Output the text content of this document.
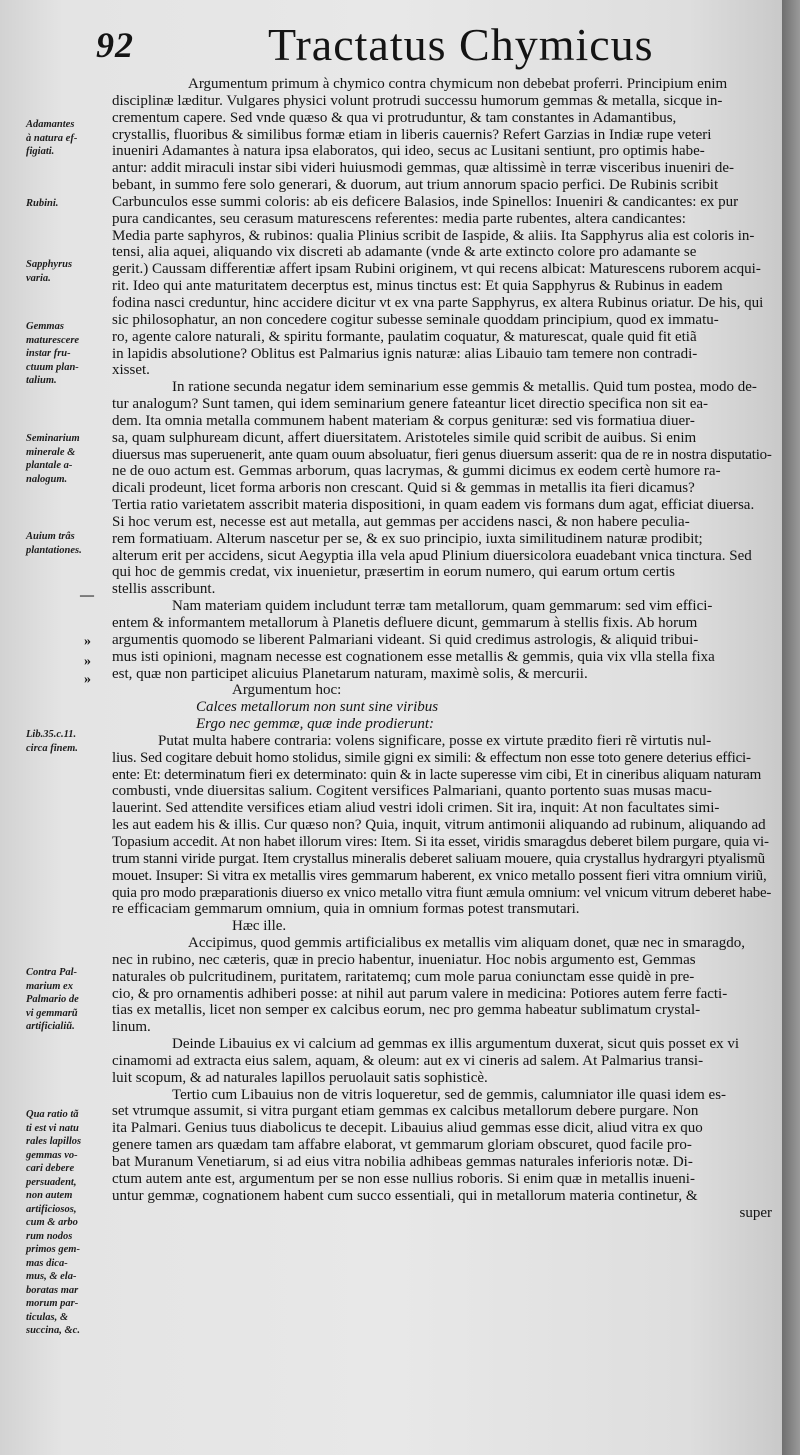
92	Tractatus Chymicus
Adamantes
à natura ef-
figiati.
Rubini.
Sapphyrus
varia.
Gemmas
maturescere
instar fru-
ctuum plan-
talium.
Seminarium
minerale &
plantale a-
nalogum.
Auium trâs
plantationes.
Lib.35.c.11.
circa finem.
Contra Pal-
marium ex
Palmario de
vi gemmarũ
artificialiũ.
Qua ratio tã
ti est vi natu
rales lapillos
gemmas vo-
cari debere
persuadent,
non autem
artificiosos,
cum & arbo
rum nodos
primos gem-
mas dica-
mus, & ela-
boratas mar
morum par-
ticulas, &
succina, &c.
—
»
»
»
Argumentum primum à chymico contra chymicum non debebat proferri. Principium enim
disciplinæ læditur. Vulgares physici volunt protrudi successu humorum gemmas & metalla, sicque in-
crementum capere. Sed vnde quæso & qua vi protruduntur, & tam constantes in Adamantibus,
crystallis, fluoribus & similibus formæ etiam in liberis cauernis? Refert Garzias in Indiæ rupe veteri
inueniri Adamantes à natura ipsa elaboratos, qui ideo, secus ac Lusitani sentiunt, pro optimis habe-
antur: addit miraculi instar sibi videri huiusmodi gemmas, quæ altissimè in terræ visceribus inueniri de-
bebant, in summo fere solo generari, & duorum, aut trium annorum spacio perfici. De Rubinis scribit
Carbunculos esse summi coloris: ab eis deficere Balasios, inde Spinellos: Inueniri & candicantes: ex pur
pura candicantes, seu cerasum maturescens referentes: media parte rubentes, altera candicantes:
Media parte saphyros, & rubinos: qualia Plinius scribit de Iaspide, & aliis. Ita Sapphyrus alia est coloris in-
tensi, alia aquei, aliquando vix discreti ab adamante (vnde & arte extincto colore pro adamante se
gerit.) Caussam differentiæ affert ipsam Rubini originem, vt qui recens albicat: Maturescens ruborem acqui-
rit. Ideo qui ante maturitatem decerptus est, minus tinctus est: Et quia Sapphyrus & Rubinus in eadem
fodina nasci creduntur, hinc accidere dicitur vt ex vna parte Sapphyrus, ex altera Rubinus oriatur. De his, qui
sic philosophatur, an non concedere cogitur subesse seminale quoddam principium, quod ex immatu-
ro, agente calore naturali, & spiritu formante, paulatim coquatur, & maturescat, quale quid fit etiã
in lapidis absolutione? Oblitus est Palmarius ignis naturæ: alias Libauio tam temere non contradi-
xisset.
In ratione secunda negatur idem seminarium esse gemmis & metallis. Quid tum postea, modo de-
tur analogum? Sunt tamen, qui idem seminarium genere fateantur licet directio specifica non sit ea-
dem. Ita omnia metalla communem habent materiam & corpus genituræ: sed vis formatiua diuer-
sa, quam sulphuream dicunt, affert diuersitatem. Aristoteles simile quid scribit de auibus. Si enim
diuersus mas superuenerit, ante quam ouum absoluatur, fieri genus diuersum asserit: qua de re in nostra disputatio-
ne de ouo actum est. Gemmas arborum, quas lacrymas, & gummi dicimus ex eodem certè humore ra-
dicali prodeunt, licet forma arboris non crescant. Quid si & gemmas in metallis ita fieri dicamus?
Tertia ratio varietatem asscribit materia dispositioni, in quam eadem vis formans dum agat, efficiat diuersa.
Si hoc verum est, necesse est aut metalla, aut gemmas per accidens nasci, & non habere peculia-
rem formatiuam. Alterum nascetur per se, & ex suo principio, iuxta similitudinem naturæ prodibit;
alterum erit per accidens, sicut Aegyptia illa vela apud Plinium diuersicolora euadebant vnica tinctura. Sed
qui hoc de gemmis credat, vix inuenietur, præsertim in eorum numero, qui earum ortum certis
stellis asscribunt.
Nam materiam quidem includunt terræ tam metallorum, quam gemmarum: sed vim effici-
entem & informantem metallorum à Planetis defluere dicunt, gemmarum à stellis fixis. Ab horum
argumentis quomodo se liberent Palmariani videant. Si quid credimus astrologis, & aliquid tribui-
mus isti opinioni, magnam necesse est cognationem esse metallis & gemmis, quia vix vlla stella fixa
est, quæ non participet alicuius Planetarum naturam, maximè solis, & mercurii.
Argumentum hoc:
Calces metallorum non sunt sine viribus
Ergo nec gemmæ, quæ inde prodierunt:
Putat multa habere contraria: volens significare, posse ex virtute prædito fieri rẽ virtutis nul-
lius. Sed cogitare debuit homo stolidus, simile gigni ex simili: & effectum non esse toto genere deterius effici-
ente: Et: determinatum fieri ex determinato: quin & in lacte superesse vim cibi, Et in cineribus aliquam naturam
combusti, vnde diuersitas salium. Cogitent versifices Palmariani, quanto portento suas musas macu-
lauerint. Sed attendite versifices etiam aliud vestri idoli crimen. Sit ira, inquit: At non facultates simi-
les aut eadem his & illis. Cur quæso non? Quia, inquit, vitrum antimonii aliquando ad rubinum, aliquando ad
Topasium accedit. At non habet illorum vires: Item. Si ita esset, viridis smaragdus deberet bilem purgare, quia vi-
trum stanni viride purgat. Item crystallus mineralis deberet saliuam mouere, quia crystallus hydrargyri ptyalismũ
mouet. Insuper: Si vitra ex metallis vires gemmarum haberent, ex vnico metallo possent fieri vitra omnium viriũ,
quia pro modo præparationis diuerso ex vnico metallo vitra fiunt æmula omnium: vel vnicum vitrum deberet habe-
re efficaciam gemmarum omnium, quia in omnium formas potest transmutari.
Hæc ille.
Accipimus, quod gemmis artificialibus ex metallis vim aliquam donet, quæ nec in smaragdo,
nec in rubino, nec cæteris, quæ in precio habentur, inueniatur. Hoc nobis argumento est, Gemmas
naturales ob pulcritudinem, puritatem, raritatemq; cum mole parua coniunctam esse quidè in pre-
cio, & pro ornamentis adhiberi posse: at nihil aut parum valere in medicina: Potiores autem ferre facti-
tias ex metallis, licet non semper ex calcibus eorum, nec pro gemma habeatur sublimatum crystal-
linum.
Deinde Libauius ex vi calcium ad gemmas ex illis argumentum duxerat, sicut quis posset ex vi
cinamomi ad extracta eius salem, aquam, & oleum: aut ex vi cineris ad salem. At Palmarius transi-
luit scopum, & ad naturales lapillos peruolauit satis sophisticè.
Tertio cum Libauius non de vitris loqueretur, sed de gemmis, calumniator ille quasi idem es-
set vtrumque assumit, si vitra purgant etiam gemmas ex calcibus metallorum debere purgare. Non
ita Palmari. Genius tuus diabolicus te decepit. Libauius aliud gemmas esse dicit, aliud vitra ex quo
genere tamen ars quædam tam affabre elaborat, vt gemmarum gloriam obscuret, quod facile pro-
bat Muranum Venetiarum, si ad eius vitra nobilia adhibeas gemmas naturales inferioris notæ. Di-
ctum autem ante est, argumentum per se non esse nullius roboris. Si enim quæ in metallis inueni-
untur gemmæ, cognationem habent cum succo essentiali, qui in metallorum materia continetur, &
super
